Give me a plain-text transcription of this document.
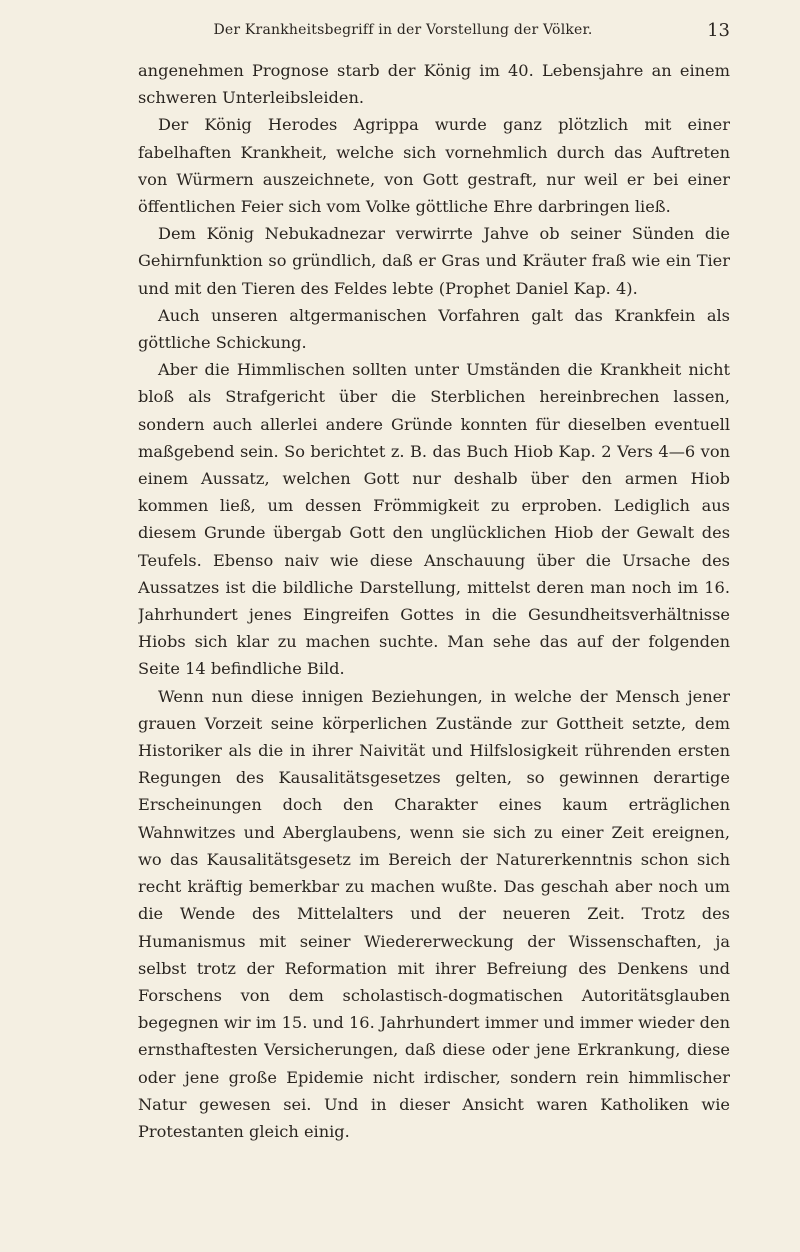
Der Krankheitsbegriff in der Vorstellung der Völker.	13

angenehmen Prognose starb der König im 40. Lebensjahre an einem schweren Unterleibsleiden.

Der König Herodes Agrippa wurde ganz plötzlich mit einer fabelhaften Krankheit, welche sich vornehmlich durch das Auftreten von Würmern auszeichnete, von Gott gestraft, nur weil er bei einer öffentlichen Feier sich vom Volke göttliche Ehre darbringen ließ.

Dem König Nebukadnezar verwirrte Jahve ob seiner Sünden die Gehirnfunktion so gründlich, daß er Gras und Kräuter fraß wie ein Tier und mit den Tieren des Feldes lebte (Prophet Daniel Kap. 4).

Auch unseren altgermanischen Vorfahren galt das Krankfein als göttliche Schickung.

Aber die Himmlischen sollten unter Umständen die Krankheit nicht bloß als Strafgericht über die Sterblichen hereinbrechen lassen, sondern auch allerlei andere Gründe konnten für dieselben eventuell maßgebend sein. So berichtet z. B. das Buch Hiob Kap. 2 Vers 4—6 von einem Aussatz, welchen Gott nur deshalb über den armen Hiob kommen ließ, um dessen Frömmigkeit zu erproben. Lediglich aus diesem Grunde übergab Gott den unglücklichen Hiob der Gewalt des Teufels. Ebenso naiv wie diese Anschauung über die Ursache des Aussatzes ist die bildliche Darstellung, mittelst deren man noch im 16. Jahrhundert jenes Eingreifen Gottes in die Gesundheitsverhältnisse Hiobs sich klar zu machen suchte. Man sehe das auf der folgenden Seite 14 befindliche Bild.

Wenn nun diese innigen Beziehungen, in welche der Mensch jener grauen Vorzeit seine körperlichen Zustände zur Gottheit setzte, dem Historiker als die in ihrer Naivität und Hilfslosigkeit rührenden ersten Regungen des Kausalitätsgesetzes gelten, so gewinnen derartige Erscheinungen doch den Charakter eines kaum erträglichen Wahnwitzes und Aberglaubens, wenn sie sich zu einer Zeit ereignen, wo das Kausalitätsgesetz im Bereich der Naturerkenntnis schon sich recht kräftig bemerkbar zu machen wußte. Das geschah aber noch um die Wende des Mittelalters und der neueren Zeit. Trotz des Humanismus mit seiner Wiedererweckung der Wissenschaften, ja selbst trotz der Reformation mit ihrer Befreiung des Denkens und Forschens von dem scholastisch-dogmatischen Autoritätsglauben begegnen wir im 15. und 16. Jahrhundert immer und immer wieder den ernsthaftesten Versicherungen, daß diese oder jene Erkrankung, diese oder jene große Epidemie nicht irdischer, sondern rein himmlischer Natur gewesen sei. Und in dieser Ansicht waren Katholiken wie Protestanten gleich einig.
